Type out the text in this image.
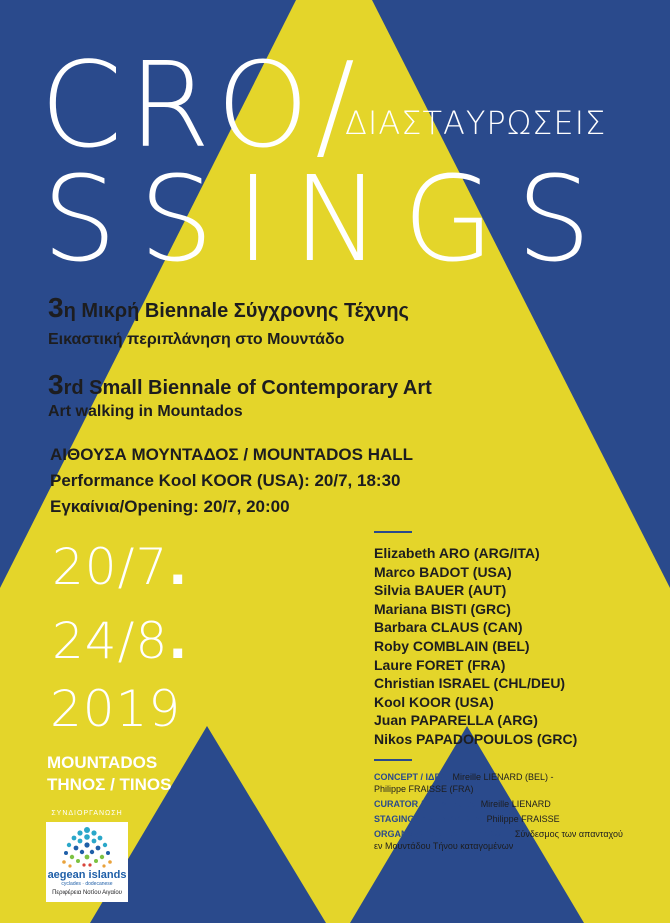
CRO/
ΔΙΑΣΤΑΥΡΩΣΕΙΣ
SSINGS
3η Μικρή Biennale Σύγχρονης Τέχνης
Εικαστική περιπλάνηση στο Μουντάδο
3rd Small Biennale of Contemporary Art
Art walking in Mountados
ΑΙΘΟΥΣΑ ΜΟΥΝΤΑΔΟΣ / MOUNTADOS HALL
Performance Kool KOOR (USA): 20/7, 18:30
Εγκαίνια/Opening: 20/7, 20:00
20/7.
24/8.
2019
MOUNTADOS
ΤΗΝΟΣ / TINOS
Elizabeth ARO (ARG/ITA)
Marco BADOT (USA)
Silvia BAUER (AUT)
Mariana BISTI (GRC)
Barbara CLAUS (CAN)
Roby COMBLAIN (BEL)
Laure FORET (FRA)
Christian ISRAEL (CHL/DEU)
Kool KOOR (USA)
Juan PAPARELLA (ARG)
Nikos PAPADOPOULOS (GRC)
CONCEPT / ΙΔΕΑ: Mireille LIENARD (BEL) -
Philippe FRAISSE (FRA)
CURATOR / ΕΠΙΜΕΛΕΙΑ: Mireille LIENARD
STAGING / ΣΚΗΝΟΘΕΣΙΑ: Philippe FRAISSE
ORGANISATION / ΔΙΟΡΓΑΝΩΣΗ: Σύνδεσμος των απανταχού
εν Μουντάδου Τήνου καταγομένων
ΣΥΝΔΙΟΡΓΑΝΩΣΗ
aegean islands
cyclades · dodecanese
Περιφέρεια Νοτίου Αιγαίου
